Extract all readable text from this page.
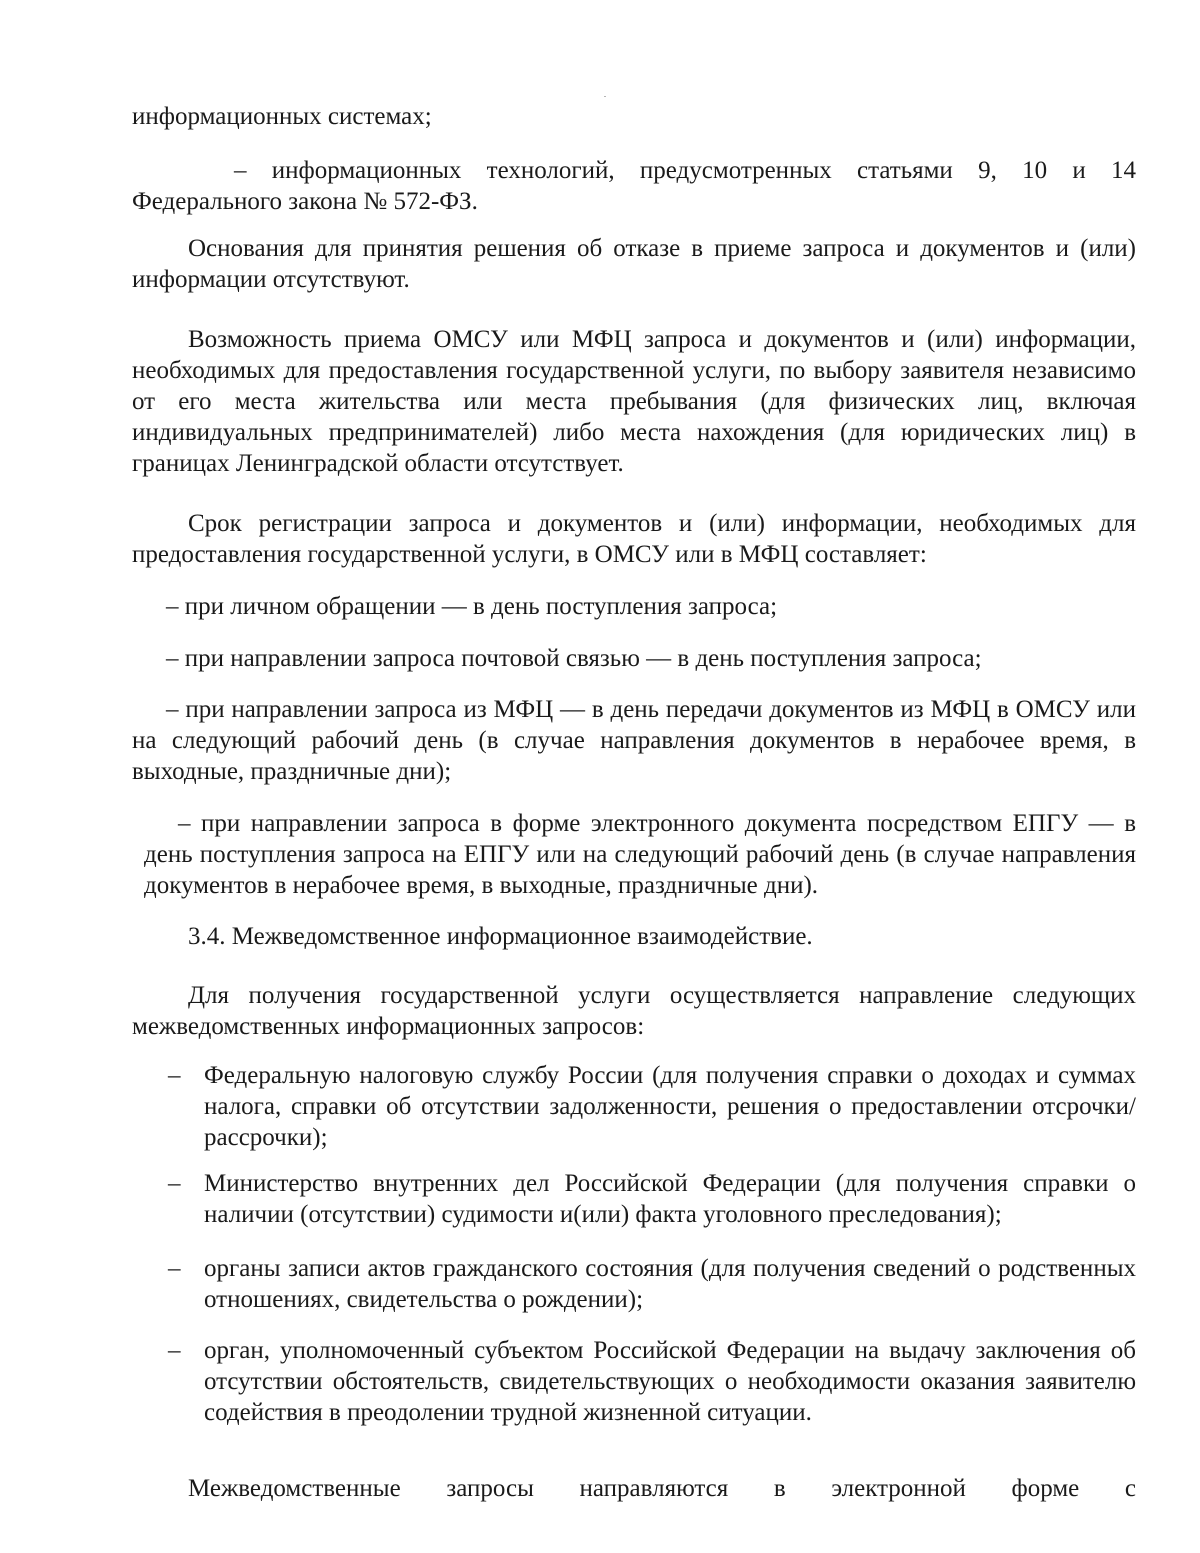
информационных системах;

– информационных технологий, предусмотренных статьями 9, 10 и 14 Федерального закона № 572-ФЗ.

Основания для принятия решения об отказе в приеме запроса и документов и (или) информации отсутствуют.

Возможность приема ОМСУ или МФЦ запроса и документов и (или) информации, необходимых для предоставления государственной услуги, по выбору заявителя независимо от его места жительства или места пребывания (для физических лиц, включая индивидуальных предпринимателей) либо места нахождения (для юридических лиц) в границах Ленинградской области отсутствует.

Срок регистрации запроса и документов и (или) информации, необходимых для предоставления государственной услуги, в ОМСУ или в МФЦ составляет:

– при личном обращении — в день поступления запроса;

– при направлении запроса почтовой связью — в день поступления запроса;

– при направлении запроса из МФЦ — в день передачи документов из МФЦ в ОМСУ или на следующий рабочий день (в случае направления документов в нерабочее время, в выходные, праздничные дни);

– при направлении запроса в форме электронного документа посредством ЕПГУ — в день поступления запроса на ЕПГУ или на следующий рабочий день (в случае направления документов в нерабочее время, в выходные, праздничные дни).

3.4. Межведомственное информационное взаимодействие.

Для получения государственной услуги осуществляется направление следующих межведомственных информационных запросов:

– Федеральную налоговую службу России (для получения справки о доходах и суммах налога, справки об отсутствии задолженности, решения о предоставлении отсрочки/рассрочки);
– Министерство внутренних дел Российской Федерации (для получения справки о наличии (отсутствии) судимости и(или) факта уголовного преследования);
– органы записи актов гражданского состояния (для получения сведений о родственных отношениях, свидетельства о рождении);
– орган, уполномоченный субъектом Российской Федерации на выдачу заключения об отсутствии обстоятельств, свидетельствующих о необходимости оказания заявителю содействия в преодолении трудной жизненной ситуации.

Межведомственные запросы направляются в электронной форме с
